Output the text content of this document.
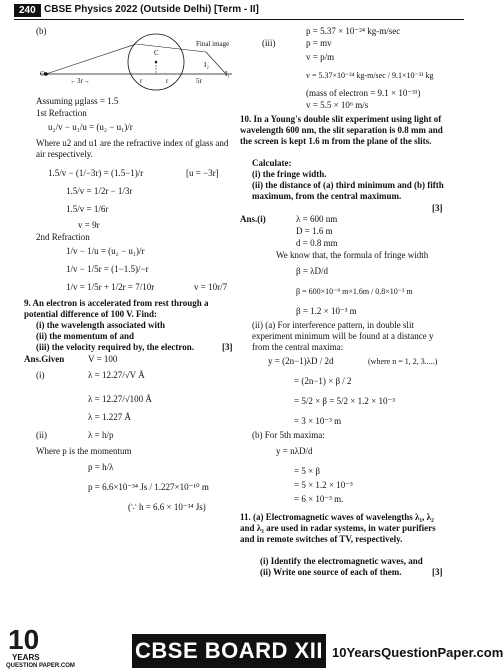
240 CBSE Physics 2022 (Outside Delhi) [Term - II]
(b)
C
I₂
I₁
O
←3r→	r	r	5r
Final image
Assuming μglass = 1.5
1st Refraction
u₂/v − u₁/u = (u₂ − u₁)/r
Where u2 and u1 are the refractive index of glass and air respectively.
1.5/v − (1/−3r) = (1.5−1)/r	[u = −3r]
1.5/v = 1/2r − 1/3r
1.5/v = 1/6r
v = 9r
2nd Refraction
1/v − 1/u = (u₂ − u₁)/r
1/v − 1/5r = (1−1.5)/−r
1/v = 1/5r + 1/2r = 7/10r	v = 10r/7
9. An electron is accelerated from rest through a potential difference of 100 V. Find:
(i) the wavelength associated with
(ii) the momentum of and
(iii) the velocity required by, the electron.	[3]
Ans.Given	V = 100
(i)	λ = 12.27/√V Å
λ = 12.27/√100 Å
λ = 1.227 Å
(ii)	λ = h/p
Where p is the momentum
p = h/λ
p = 6.6×10⁻³⁴ Js / 1.227×10⁻¹⁰ m
(∵ h = 6.6 × 10⁻³⁴ Js)
p = 5.37 × 10⁻²⁴ kg-m/sec
(iii)	p = mv
v = p/m
v = 5.37×10⁻²⁴ kg-m/sec / 9.1×10⁻³¹ kg
(mass of electron = 9.1 × 10⁻³¹)
v = 5.5 × 10⁶ m/s
10. In a Young's double slit experiment using light of wavelength 600 nm, the slit separation is 0.8 mm and the screen is kept 1.6 m from the plane of the slits.
Calculate:
(i) the fringe width.
(ii) the distance of (a) third minimum and (b) fifth maximum, from the central maximum.
[3]
Ans.(i)	λ = 600 nm
D = 1.6 m
d = 0.8 mm
We know that, the formula of fringe width
β = λD/d
β = 600×10⁻⁹ m×1.6m / 0.8×10⁻³ m
β = 1.2 × 10⁻³ m
(ii) (a) For interference pattern, in double slit experiment minimum will be found at a distance y from the central maxima:
y = (2n−1)λD / 2d	(where n = 1, 2, 3.....)
= (2n−1) × β / 2
= 5/2 × β = 5/2 × 1.2 × 10⁻³
= 3 × 10⁻³ m
(b) For 5th maxima:
y = nλD/d
= 5 × β
= 5 × 1.2 × 10⁻³
= 6 × 10⁻³ m.
11. (a) Electromagnetic waves of wavelengths λ₁, λ₂ and λ₃ are used in radar systems, in water purifiers and in remote switches of TV, respectively.
(i) Identify the electromagnetic waves, and
(ii) Write one source of each of them.	[3]
10
YEARS
QUESTION PAPER.COM
CBSE BOARD XII 10YearsQuestionPaper.com
